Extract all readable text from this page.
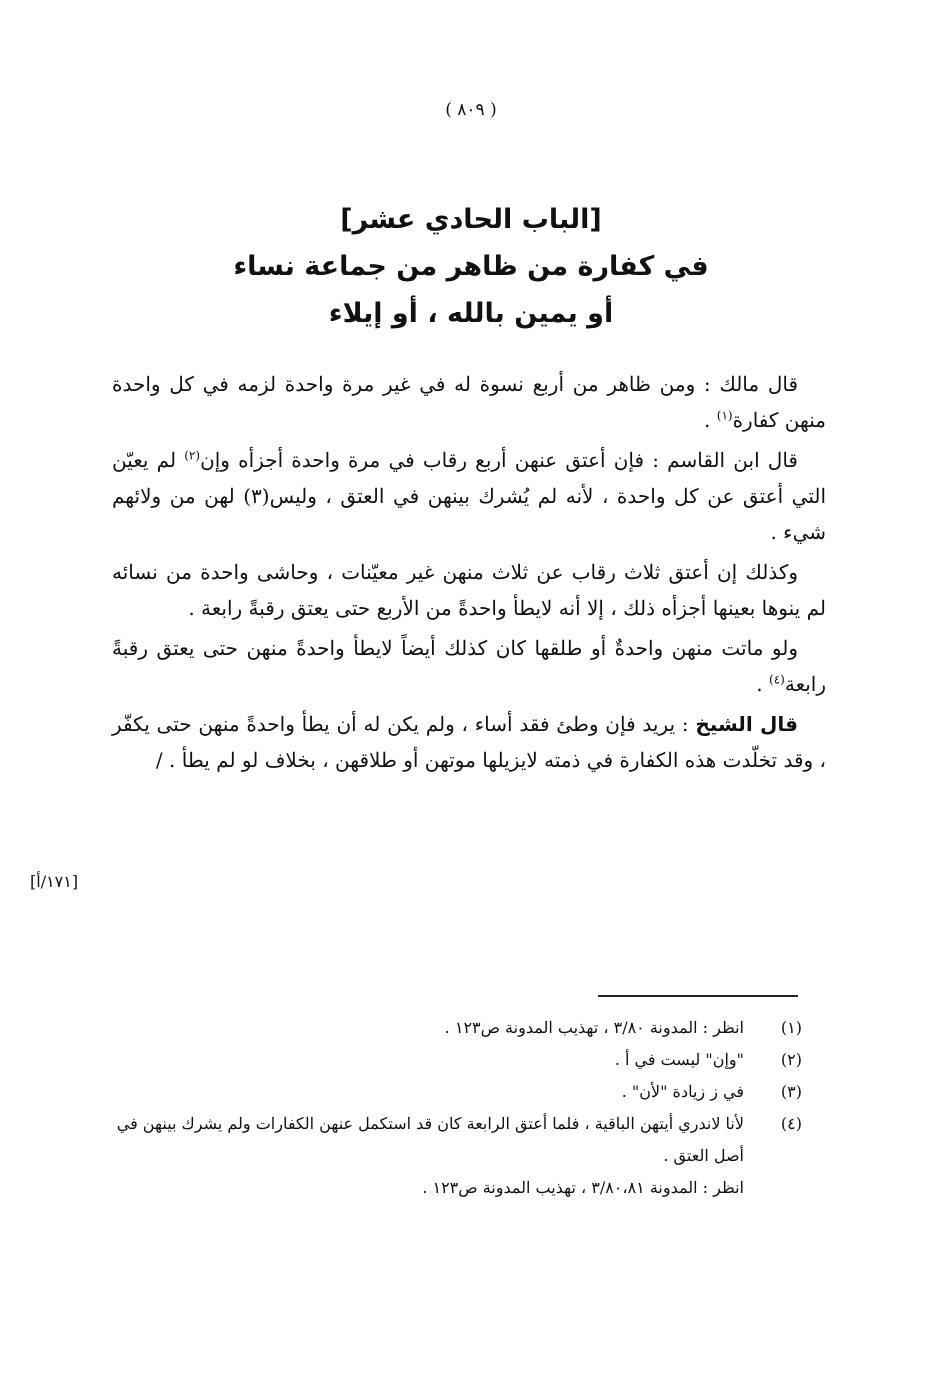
( ٨٠٩ )
[الباب الحادي عشر]
في كفارة من ظاهر من جماعة نساء
أو يمين بالله ، أو إيلاء

قال مالك : ومن ظاهر من أربع نسوة له في غير مرة واحدة لزمه في كل واحدة منهن كفارة$^{(١)}$ .

قال ابن القاسم : فإن أعتق عنهن أربع رقاب في مرة واحدة أجزأه وإن$^{(٢)}$ لم يعيّن التي أعتق عن كل واحدة ، لأنه لم يُشرك بينهن في العتق ، وليس(٣) لهن من ولائهم شيء .

وكذلك إن أعتق ثلاث رقاب عن ثلاث منهن غير معيّنات ، وحاشى واحدة من نسائه لم ينوها بعينها أجزأه ذلك ، إلا أنه لايطأ واحدةً من الأربع حتى يعتق رقبةً رابعة .

ولو ماتت منهن واحدةٌ أو طلقها كان كذلك أيضاً لايطأ واحدةً منهن حتى يعتق رقبةً رابعة$^{(٤)}$ .

قال الشيخ : يريد فإن وطئ فقد أساء ، ولم يكن له أن يطأ واحدةً منهن حتى يكفّر ، وقد تخلّدت هذه الكفارة في ذمته لايزيلها موتهن أو طلاقهن ، بخلاف لو لم يطأ . /

[١٧١/أ]
(١)
انظر : المدونة ٣/٨٠ ، تهذيب المدونة ص١٢٣ .
(٢)
"وإن" ليست في أ .
(٣)
في ز زيادة "لأن" .
(٤)
لأنا لاندري أيتهن الباقية ، فلما أعتق الرابعة كان قد استكمل عنهن الكفارات ولم يشرك بينهن في أصل العتق .
انظر : المدونة ٣/٨٠،٨١ ، تهذيب المدونة ص١٢٣ .
